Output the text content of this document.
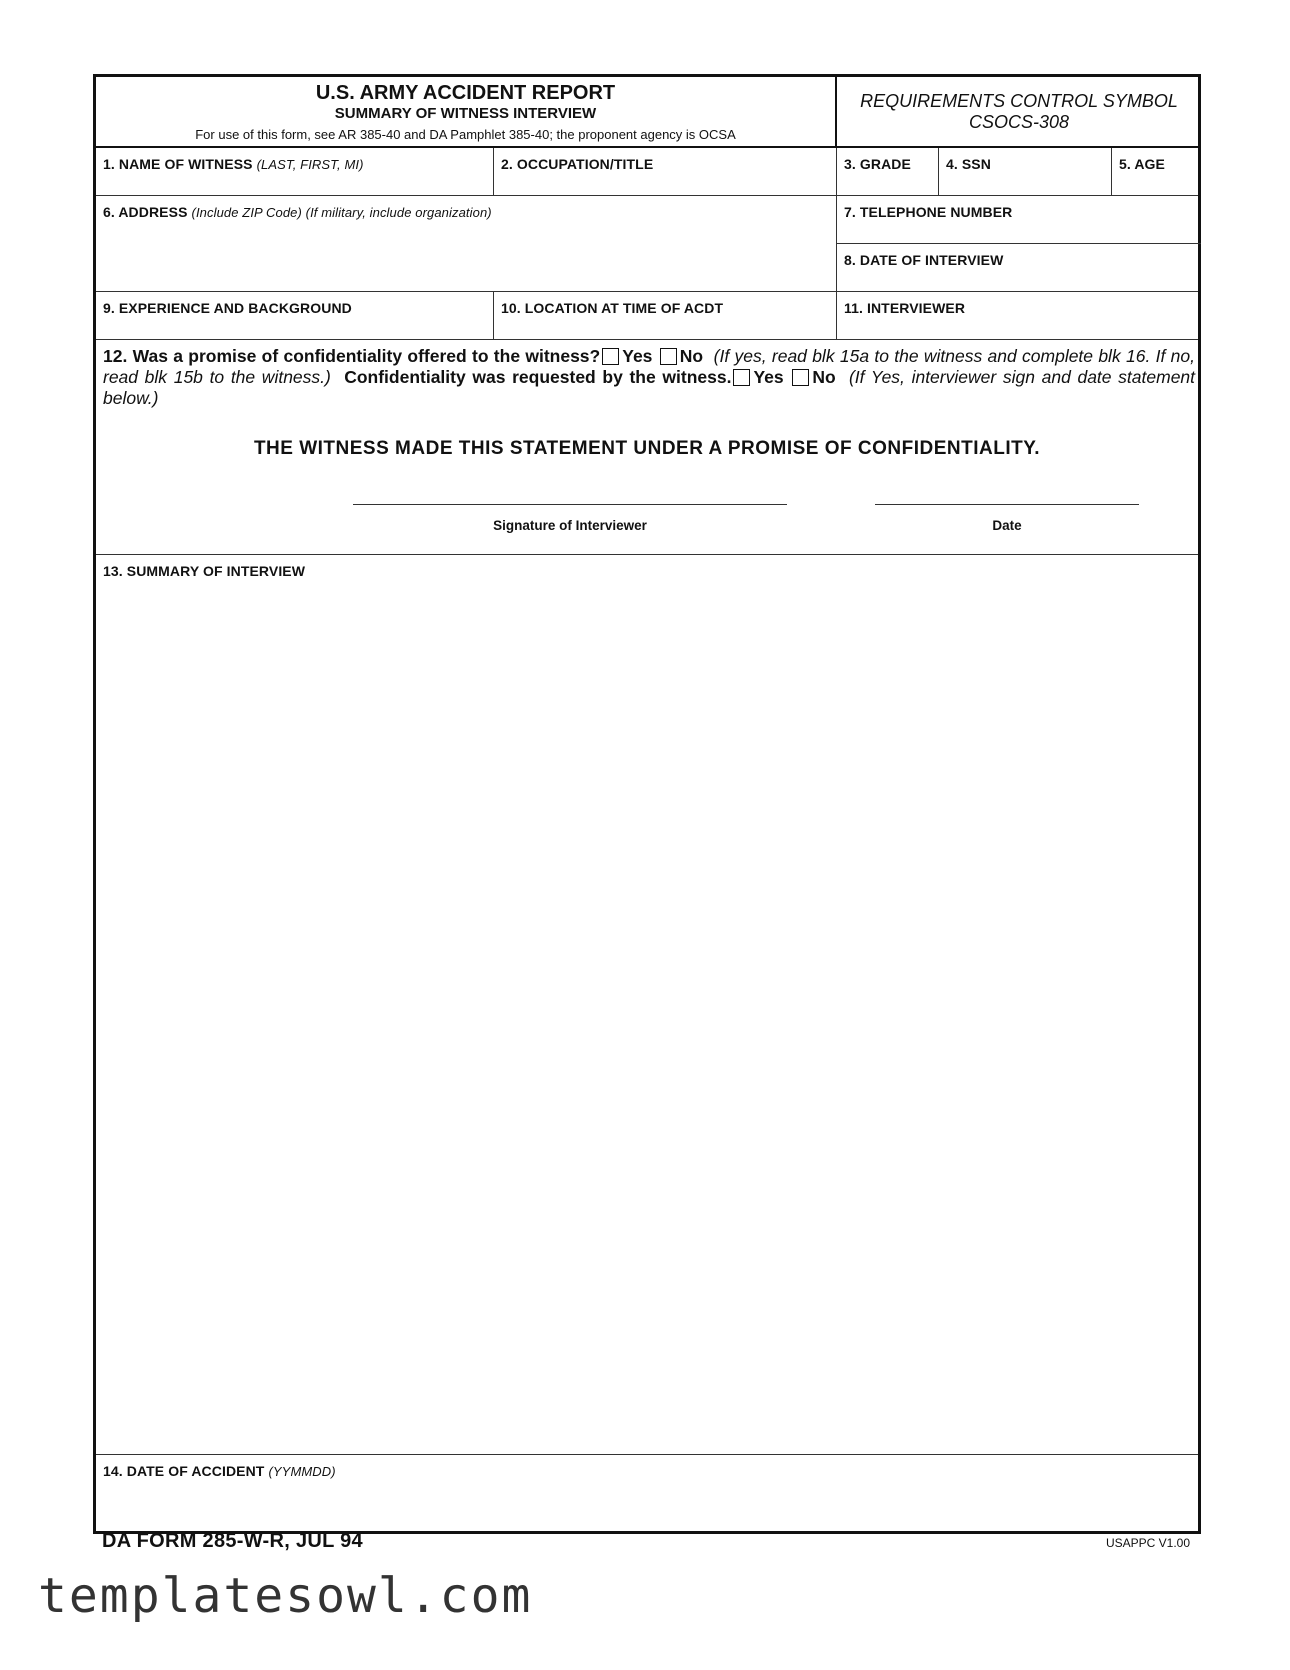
U.S. ARMY ACCIDENT REPORT
SUMMARY OF WITNESS INTERVIEW
For use of this form, see AR 385-40 and DA Pamphlet 385-40; the proponent agency is OCSA
REQUIREMENTS CONTROL SYMBOL
CSOCS-308
1. NAME OF WITNESS (LAST, FIRST, MI)	2. OCCUPATION/TITLE	3. GRADE	4. SSN	5. AGE
6. ADDRESS (Include ZIP Code) (If military, include organization)	7. TELEPHONE NUMBER
8. DATE OF INTERVIEW
9. EXPERIENCE AND BACKGROUND	10. LOCATION AT TIME OF ACDT	11. INTERVIEWER
12. Was a promise of confidentiality offered to the witness? Yes No (If yes, read blk 15a to the witness and complete blk 16. If no, read blk 15b to the witness.) Confidentiality was requested by the witness. Yes No (If Yes, interviewer sign and date statement below.)
THE WITNESS MADE THIS STATEMENT UNDER A PROMISE OF CONFIDENTIALITY.
Signature of Interviewer	Date
13. SUMMARY OF INTERVIEW
14. DATE OF ACCIDENT (YYMMDD)
DA FORM 285-W-R, JUL 94	USAPPC V1.00
templatesowl.com
